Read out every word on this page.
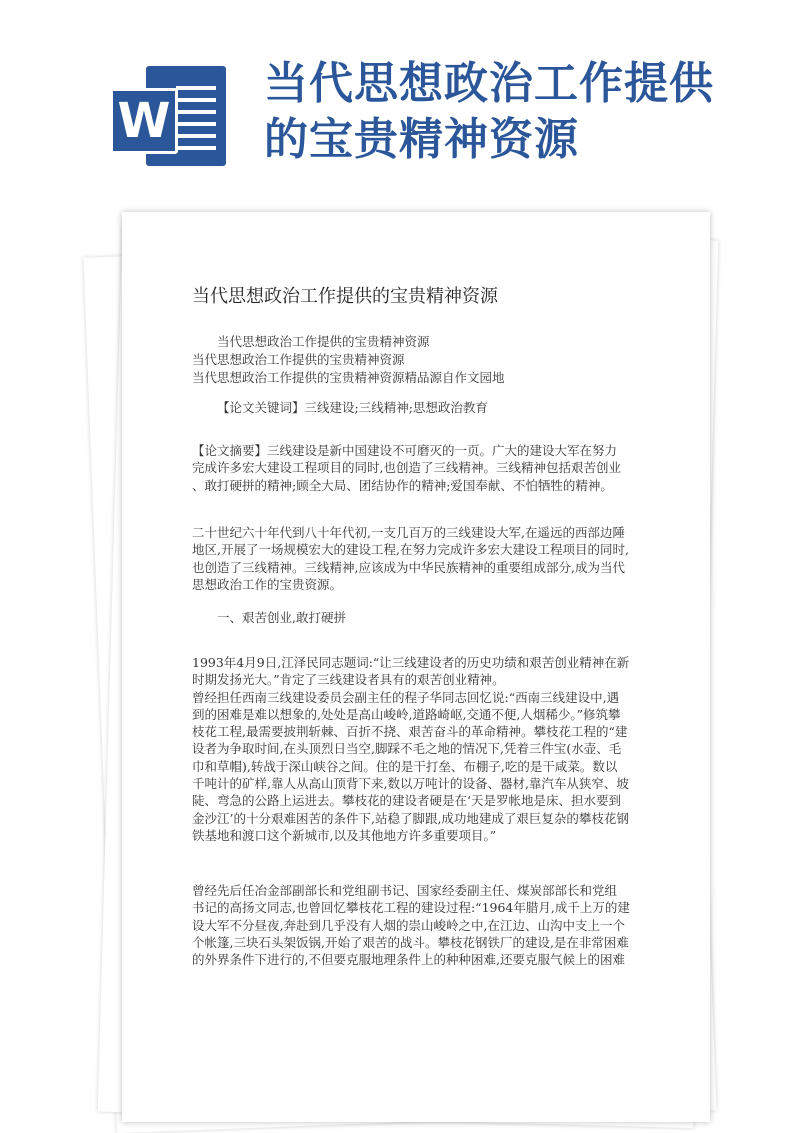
W
当代思想政治工作提供
的宝贵精神资源
当代思想政治工作提供的宝贵精神资源
当代思想政治工作提供的宝贵精神资源
当代思想政治工作提供的宝贵精神资源
当代思想政治工作提供的宝贵精神资源精品源自作文园地
【论文关键词】三线建设;三线精神;思想政治教育
【论文摘要】三线建设是新中国建设不可磨灭的一页。广大的建设大军在努力
完成许多宏大建设工程项目的同时,也创造了三线精神。三线精神包括艰苦创业
、敢打硬拼的精神;顾全大局、团结协作的精神;爱国奉献、不怕牺牲的精神。
二十世纪六十年代到八十年代初,一支几百万的三线建设大军,在遥远的西部边陲
地区,开展了一场规模宏大的建设工程,在努力完成许多宏大建设工程项目的同时,
也创造了三线精神。三线精神,应该成为中华民族精神的重要组成部分,成为当代
思想政治工作的宝贵资源。
一、艰苦创业,敢打硬拼
1993年4月9日,江泽民同志题词:“让三线建设者的历史功绩和艰苦创业精神在新
时期发扬光大。”肯定了三线建设者具有的艰苦创业精神。
曾经担任西南三线建设委员会副主任的程子华同志回忆说:“西南三线建设中,遇
到的困难是难以想象的,处处是高山峻岭,道路崎岖,交通不便,人烟稀少。”修筑攀
枝花工程,最需要披荆斩棘、百折不挠、艰苦奋斗的革命精神。攀枝花工程的“建
设者为争取时间,在头顶烈日当空,脚踩不毛之地的情况下,凭着三件宝(水壶、毛
巾和草帽),转战于深山峡谷之间。住的是干打垒、布棚子,吃的是干咸菜。数以
千吨计的矿样,靠人从高山顶背下来,数以万吨计的设备、器材,靠汽车从狭窄、坡
陡、弯急的公路上运进去。攀枝花的建设者硬是在‘天是罗帐地是床、担水要到
金沙江’的十分艰难困苦的条件下,站稳了脚跟,成功地建成了艰巨复杂的攀枝花钢
铁基地和渡口这个新城市,以及其他地方许多重要项目。”
曾经先后任冶金部副部长和党组副书记、国家经委副主任、煤炭部部长和党组
书记的高扬文同志,也曾回忆攀枝花工程的建设过程:“1964年腊月,成千上万的建
设大军不分昼夜,奔赴到几乎没有人烟的崇山峻岭之中,在江边、山沟中支上一个
个帐篷,三块石头架饭锅,开始了艰苦的战斗。攀枝花钢铁厂的建设,是在非常困难
的外界条件下进行的,不但要克服地理条件上的种种困难,还要克服气候上的困难
